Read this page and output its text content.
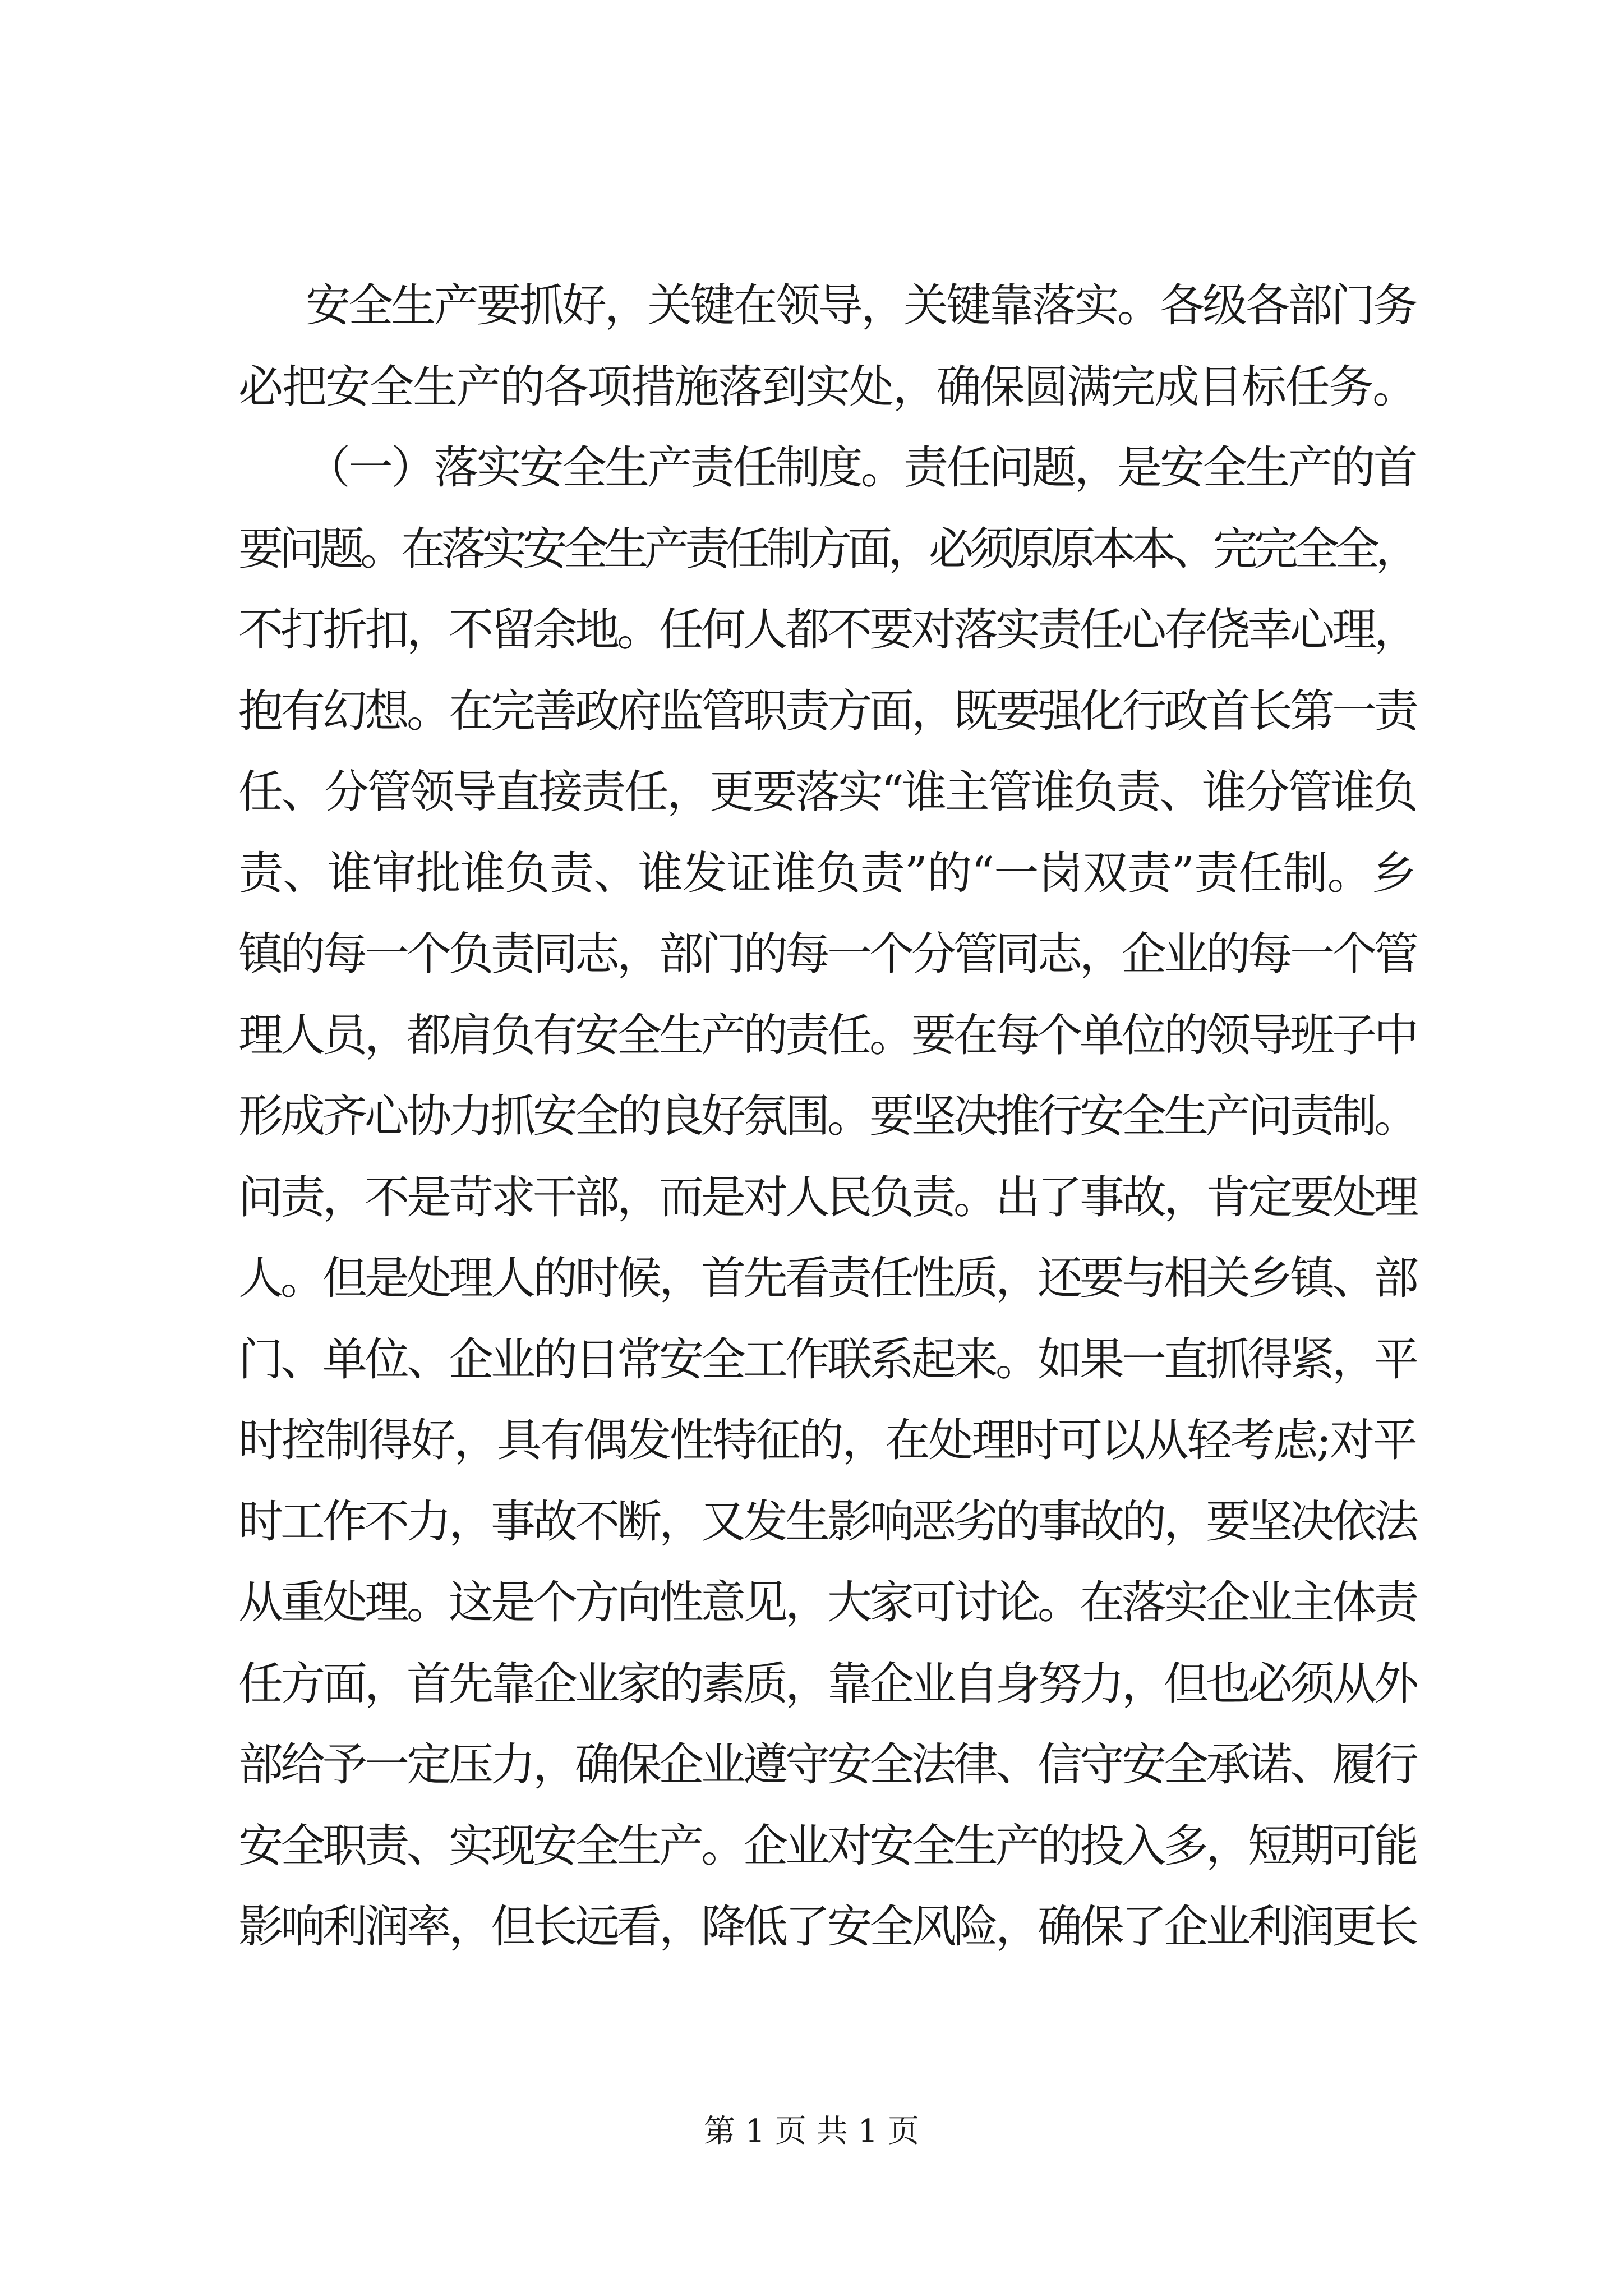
安全生产要抓好，关键在领导，关键靠落实。各级各部门务
必把安全生产的各项措施落到实处，确保圆满完成目标任务。
（一）落实安全生产责任制度。责任问题，是安全生产的首
要问题。在落实安全生产责任制方面，必须原原本本、完完全全，
不打折扣，不留余地。任何人都不要对落实责任心存侥幸心理，
抱有幻想。在完善政府监管职责方面，既要强化行政首长第一责
任、分管领导直接责任，更要落实“谁主管谁负责、谁分管谁负
责、谁审批谁负责、谁发证谁负责”的“一岗双责”责任制。乡
镇的每一个负责同志，部门的每一个分管同志，企业的每一个管
理人员，都肩负有安全生产的责任。要在每个单位的领导班子中
形成齐心协力抓安全的良好氛围。要坚决推行安全生产问责制。
问责，不是苛求干部，而是对人民负责。出了事故，肯定要处理
人。但是处理人的时候，首先看责任性质，还要与相关乡镇、部
门、单位、企业的日常安全工作联系起来。如果一直抓得紧，平
时控制得好，具有偶发性特征的，在处理时可以从轻考虑;对平
时工作不力，事故不断，又发生影响恶劣的事故的，要坚决依法
从重处理。这是个方向性意见，大家可讨论。在落实企业主体责
任方面，首先靠企业家的素质，靠企业自身努力，但也必须从外
部给予一定压力，确保企业遵守安全法律、信守安全承诺、履行
安全职责、实现安全生产。企业对安全生产的投入多，短期可能
影响利润率，但长远看，降低了安全风险，确保了企业利润更长
第 1 页 共 1 页
